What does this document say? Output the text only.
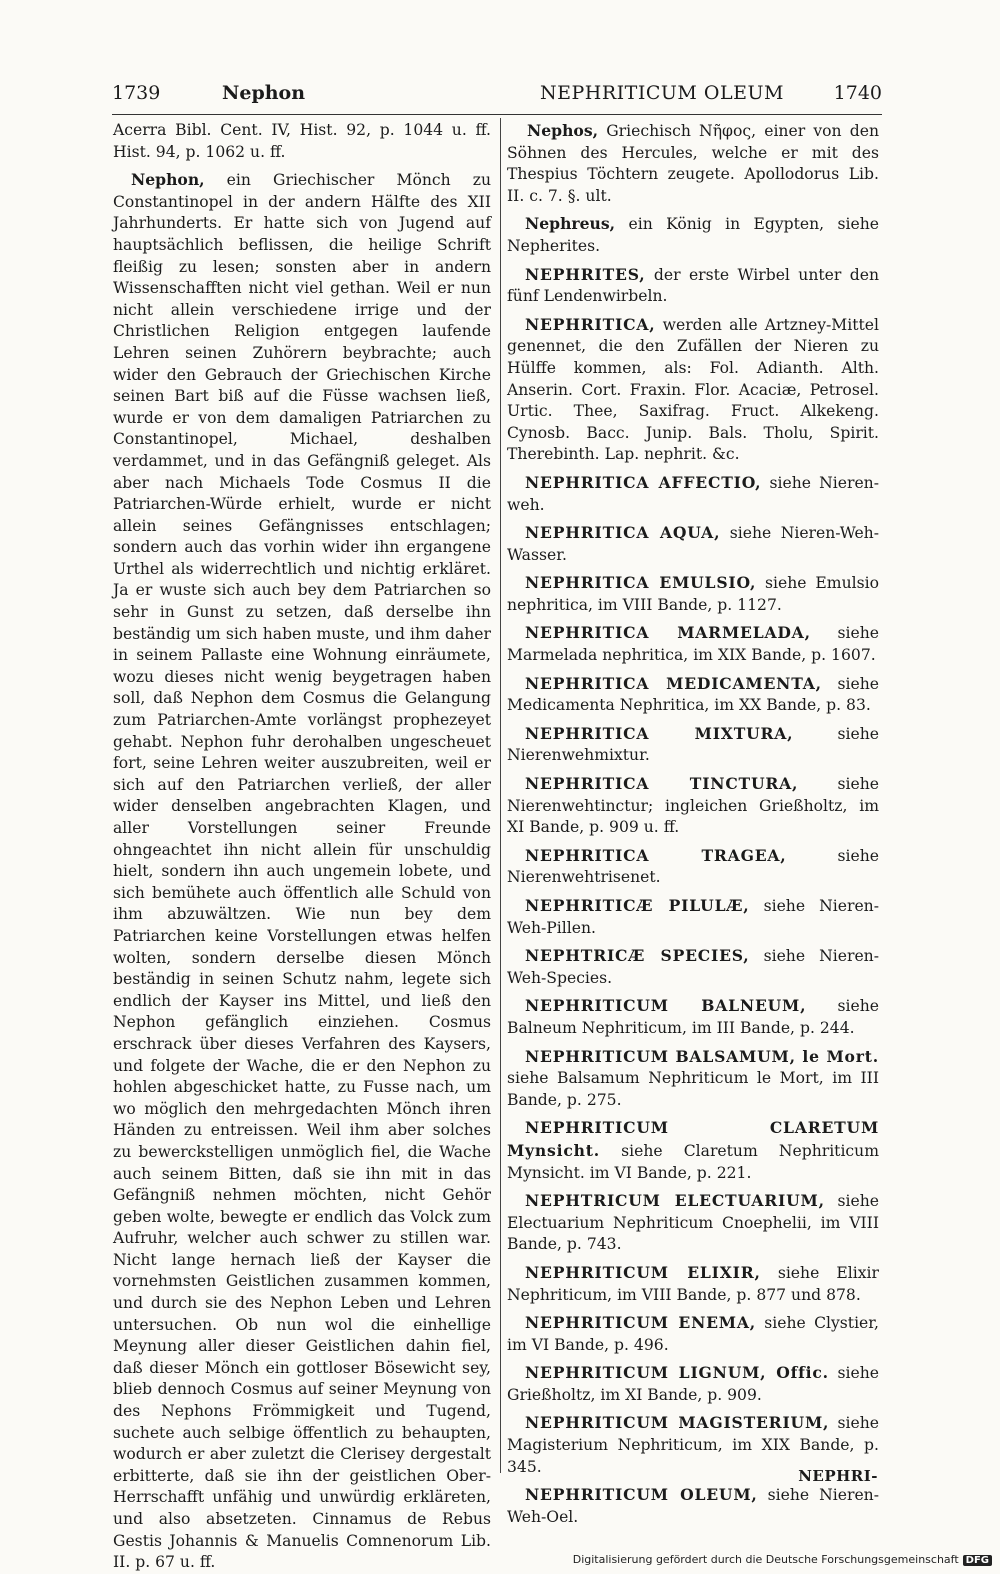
1739	Nephon	NEPHRITICUM OLEUM	1740

Acerra Bibl. Cent. IV, Hist. 92, p. 1044 u. ff. Hist. 94, p. 1062 u. ff.

Nephon, ein Griechischer Mönch zu Constantinopel in der andern Hälfte des XII Jahrhunderts. Er hatte sich von Jugend auf hauptsächlich beflissen, die heilige Schrift fleißig zu lesen; sonsten aber in andern Wissenschafften nicht viel gethan. Weil er nun nicht allein verschiedene irrige und der Christlichen Religion entgegen laufende Lehren seinen Zuhörern beybrachte; auch wider den Gebrauch der Griechischen Kirche seinen Bart biß auf die Füsse wachsen ließ, wurde er von dem damaligen Patriarchen zu Constantinopel, Michael, deshalben verdammet, und in das Gefängniß geleget. Als aber nach Michaels Tode Cosmus II die Patriarchen-Würde erhielt, wurde er nicht allein seines Gefängnisses entschlagen; sondern auch das vorhin wider ihn ergangene Urthel als widerrechtlich und nichtig erkläret. Ja er wuste sich auch bey dem Patriarchen so sehr in Gunst zu setzen, daß derselbe ihn beständig um sich haben muste, und ihm daher in seinem Pallaste eine Wohnung einräumete, wozu dieses nicht wenig beygetragen haben soll, daß Nephon dem Cosmus die Gelangung zum Patriarchen-Amte vorlängst prophezeyet gehabt. Nephon fuhr derohalben ungescheuet fort, seine Lehren weiter auszubreiten, weil er sich auf den Patriarchen verließ, der aller wider denselben angebrachten Klagen, und aller Vorstellungen seiner Freunde ohngeachtet ihn nicht allein für unschuldig hielt, sondern ihn auch ungemein lobete, und sich bemühete auch öffentlich alle Schuld von ihm abzuwältzen. Wie nun bey dem Patriarchen keine Vorstellungen etwas helfen wolten, sondern derselbe diesen Mönch beständig in seinen Schutz nahm, legete sich endlich der Kayser ins Mittel, und ließ den Nephon gefänglich einziehen. Cosmus erschrack über dieses Verfahren des Kaysers, und folgete der Wache, die er den Nephon zu hohlen abgeschicket hatte, zu Fusse nach, um wo möglich den mehrgedachten Mönch ihren Händen zu entreissen. Weil ihm aber solches zu bewerckstelligen unmöglich fiel, die Wache auch seinem Bitten, daß sie ihn mit in das Gefängniß nehmen möchten, nicht Gehör geben wolte, bewegte er endlich das Volck zum Aufruhr, welcher auch schwer zu stillen war. Nicht lange hernach ließ der Kayser die vornehmsten Geistlichen zusammen kommen, und durch sie des Nephon Leben und Lehren untersuchen. Ob nun wol die einhellige Meynung aller dieser Geistlichen dahin fiel, daß dieser Mönch ein gottloser Bösewicht sey, blieb dennoch Cosmus auf seiner Meynung von des Nephons Frömmigkeit und Tugend, suchete auch selbige öffentlich zu behaupten, wodurch er aber zuletzt die Clerisey dergestalt erbitterte, daß sie ihn der geistlichen Ober-Herrschafft unfähig und unwürdig erkläreten, und also absetzeten. Cinnamus de Rebus Gestis Johannis & Manuelis Comnenorum Lib. II. p. 67 u. ff.

Nephos, Griechisch Νῆφος, einer von den Söhnen des Hercules, welche er mit des Thespius Töchtern zeugete. Apollodorus Lib. II. c. 7. §. ult.

Nephreus, ein König in Egypten, siehe Nepherites.

NEPHRITES, der erste Wirbel unter den fünf Lendenwirbeln.

NEPHRITICA, werden alle Artzney-Mittel genennet, die den Zufällen der Nieren zu Hülffe kommen, als: Fol. Adianth. Alth. Anserin. Cort. Fraxin. Flor. Acaciæ, Petrosel. Urtic. Thee, Saxifrag. Fruct. Alkekeng. Cynosb. Bacc. Junip. Bals. Tholu, Spirit. Therebinth. Lap. nephrit. &c.

NEPHRITICA AFFECTIO, siehe Nieren-weh.

NEPHRITICA AQUA, siehe Nieren-Weh-Wasser.

NEPHRITICA EMULSIO, siehe Emulsio nephritica, im VIII Bande, p. 1127.

NEPHRITICA MARMELADA, siehe Marmelada nephritica, im XIX Bande, p. 1607.

NEPHRITICA MEDICAMENTA, siehe Medicamenta Nephritica, im XX Bande, p. 83.

NEPHRITICA MIXTURA, siehe Nierenwehmixtur.

NEPHRITICA TINCTURA, siehe Nierenwehtinctur; ingleichen Grießholtz, im XI Bande, p. 909 u. ff.

NEPHRITICA TRAGEA, siehe Nierenwehtrisenet.

NEPHRITICÆ PILULÆ, siehe Nieren-Weh-Pillen.

NEPHTRICÆ SPECIES, siehe Nieren-Weh-Species.

NEPHRITICUM BALNEUM, siehe Balneum Nephriticum, im III Bande, p. 244.

NEPHRITICUM BALSAMUM, le Mort. siehe Balsamum Nephriticum le Mort, im III Bande, p. 275.

NEPHRITICUM CLARETUM Mynsicht. siehe Claretum Nephriticum Mynsicht. im VI Bande, p. 221.

NEPHTRICUM ELECTUARIUM, siehe Electuarium Nephriticum Cnoephelii, im VIII Bande, p. 743.

NEPHRITICUM ELIXIR, siehe Elixir Nephriticum, im VIII Bande, p. 877 und 878.

NEPHRITICUM ENEMA, siehe Clystier, im VI Bande, p. 496.

NEPHRITICUM LIGNUM, Offic. siehe Grießholtz, im XI Bande, p. 909.

NEPHRITICUM MAGISTERIUM, siehe Magisterium Nephriticum, im XIX Bande, p. 345.

NEPHRITICUM OLEUM, siehe Nieren-Weh-Oel.

NEPHRI-
Digitalisierung gefördert durch die Deutsche Forschungsgemeinschaft DFG
